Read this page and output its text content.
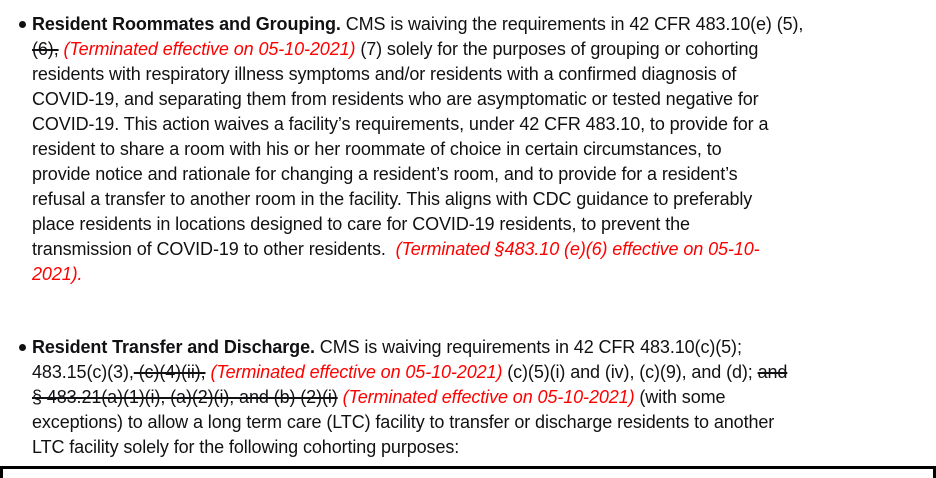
Resident Roommates and Grouping. CMS is waiving the requirements in 42 CFR 483.10(e) (5),
(6), (Terminated effective on 05-10-2021) (7) solely for the purposes of grouping or cohorting
residents with respiratory illness symptoms and/or residents with a confirmed diagnosis of
COVID-19, and separating them from residents who are asymptomatic or tested negative for
COVID-19. This action waives a facility’s requirements, under 42 CFR 483.10, to provide for a
resident to share a room with his or her roommate of choice in certain circumstances, to
provide notice and rationale for changing a resident’s room, and to provide for a resident’s
refusal a transfer to another room in the facility. This aligns with CDC guidance to preferably
place residents in locations designed to care for COVID-19 residents, to prevent the
transmission of COVID-19 to other residents.  (Terminated §483.10 (e)(6) effective on 05-10-
2021).
Resident Transfer and Discharge. CMS is waiving requirements in 42 CFR 483.10(c)(5);
483.15(c)(3), (c)(4)(ii), (Terminated effective on 05-10-2021) (c)(5)(i) and (iv), (c)(9), and (d); and
§ 483.21(a)(1)(i), (a)(2)(i), and (b) (2)(i) (Terminated effective on 05-10-2021) (with some
exceptions) to allow a long term care (LTC) facility to transfer or discharge residents to another
LTC facility solely for the following cohorting purposes:
